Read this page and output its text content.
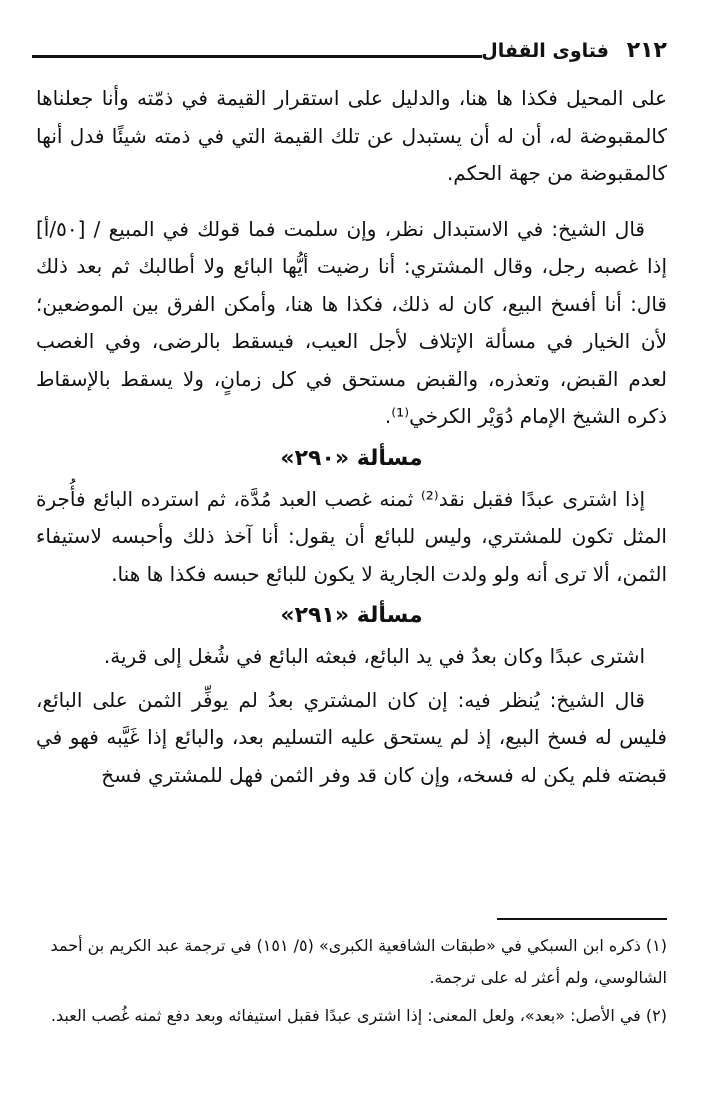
٢١٢
فتاوى القفال

على المحيل فكذا ها هنا، والدليل على استقرار القيمة في ذمّته وأنا جعلناها كالمقبوضة له، أن له أن يستبدل عن تلك القيمة التي في ذمته شيئًا فدل أنها كالمقبوضة من جهة الحكم.

قال الشيخ: في الاستبدال نظر، وإن سلمت فما قولك في المبيع / [٥٠/أ] إذا غصبه رجل، وقال المشتري: أنا رضيت أيُّها البائع ولا أطالبك ثم بعد ذلك قال: أنا أفسخ البيع، كان له ذلك، فكذا ها هنا، وأمكن الفرق بين الموضعين؛ لأن الخيار في مسألة الإتلاف لأجل العيب، فيسقط بالرضى، وفي الغصب لعدم القبض، وتعذره، والقبض مستحق في كل زمانٍ، ولا يسقط بالإسقاط ذكره الشيخ الإمام دُوَيْر الكرخي⁽¹⁾.

مسألة «٢٩٠»

إذا اشترى عبدًا فقبل نقد⁽²⁾ ثمنه غصب العبد مُدَّة، ثم استرده البائع فأُجرة المثل تكون للمشتري، وليس للبائع أن يقول: أنا آخذ ذلك وأحبسه لاستيفاء الثمن، ألا ترى أنه ولو ولدت الجارية لا يكون للبائع حبسه فكذا ها هنا.

مسألة «٢٩١»

اشترى عبدًا وكان بعدُ في يد البائع، فبعثه البائع في شُغل إلى قرية.

قال الشيخ: يُنظر فيه: إن كان المشتري بعدُ لم يوفِّر الثمن على البائع، فليس له فسخ البيع، إذ لم يستحق عليه التسليم بعد، والبائع إذا غَيَّبه فهو في قبضته فلم يكن له فسخه، وإن كان قد وفر الثمن فهل للمشتري فسخ

(١) ذكره ابن السبكي في «طبقات الشافعية الكبرى» (٥/ ١٥١) في ترجمة عبد الكريم بن أحمد الشالوسي، ولم أعثر له على ترجمة.

(٢) في الأصل: «بعد»، ولعل المعنى: إذا اشترى عبدًا فقبل استيفائه وبعد دفع ثمنه غُصب العبد.
